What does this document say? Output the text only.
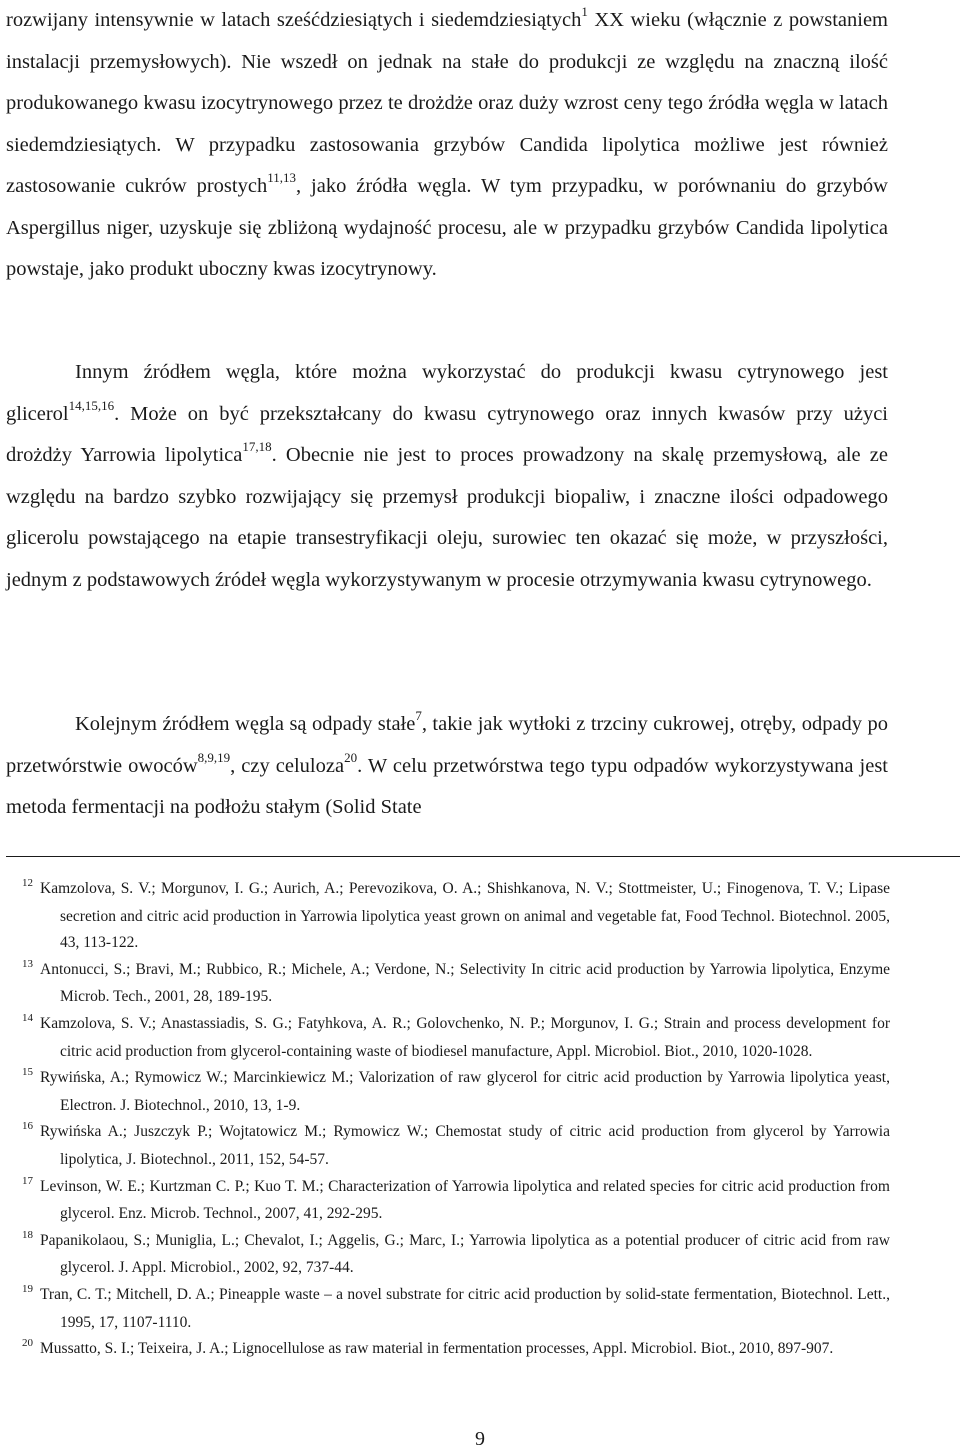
rozwijany intensywnie w latach sześćdziesiątych i siedemdziesiątych$^1$ XX wieku (włącznie z powstaniem instalacji przemysłowych). Nie wszedł on jednak na stałe do produkcji ze względu na znaczną ilość produkowanego kwasu izocytrynowego przez te drożdże oraz duży wzrost ceny tego źródła węgla w latach siedemdziesiątych. W przypadku zastosowania grzybów Candida lipolytica możliwe jest również zastosowanie cukrów prostych$^{11,13}$, jako źródła węgla. W tym przypadku, w porównaniu do grzybów Aspergillus niger, uzyskuje się zbliżoną wydajność procesu, ale w przypadku grzybów Candida lipolytica powstaje, jako produkt uboczny kwas izocytrynowy.

Innym źródłem węgla, które można wykorzystać do produkcji kwasu cytrynowego jest glicerol$^{14,15,16}$. Może on być przekształcany do kwasu cytrynowego oraz innych kwasów przy użyci drożdży Yarrowia lipolytica$^{17,18}$. Obecnie nie jest to proces prowadzony na skalę przemysłową, ale ze względu na bardzo szybko rozwijający się przemysł produkcji biopaliw, i znaczne ilości odpadowego glicerolu powstającego na etapie transestryfikacji oleju, surowiec ten okazać się może, w przyszłości, jednym z podstawowych źródeł węgla wykorzystywanym w procesie otrzymywania kwasu cytrynowego.

Kolejnym źródłem węgla są odpady stałe$^7$, takie jak wytłoki z trzciny cukrowej, otręby, odpady po przetwórstwie owoców$^{8,9,19}$, czy celuloza$^{20}$. W celu przetwórstwa tego typu odpadów wykorzystywana jest metoda fermentacji na podłożu stałym (Solid State

12 Kamzolova, S. V.; Morgunov, I. G.; Aurich, A.; Perevozikova, O. A.; Shishkanova, N. V.; Stottmeister, U.; Finogenova, T. V.; Lipase secretion and citric acid production in Yarrowia lipolytica yeast grown on animal and vegetable fat, Food Technol. Biotechnol. 2005, 43, 113-122.
13 Antonucci, S.; Bravi, M.; Rubbico, R.; Michele, A.; Verdone, N.; Selectivity In citric acid production by Yarrowia lipolytica, Enzyme Microb. Tech., 2001, 28, 189-195.
14 Kamzolova, S. V.; Anastassiadis, S. G.; Fatyhkova, A. R.; Golovchenko, N. P.; Morgunov, I. G.; Strain and process development for citric acid production from glycerol-containing waste of biodiesel manufacture, Appl. Microbiol. Biot., 2010, 1020-1028.
15 Rywińska, A.; Rymowicz W.; Marcinkiewicz M.; Valorization of raw glycerol for citric acid production by Yarrowia lipolytica yeast, Electron. J. Biotechnol., 2010, 13, 1-9.
16 Rywińska A.; Juszczyk P.; Wojtatowicz M.; Rymowicz W.; Chemostat study of citric acid production from glycerol by Yarrowia lipolytica, J. Biotechnol., 2011, 152, 54-57.
17 Levinson, W. E.; Kurtzman C. P.; Kuo T. M.; Characterization of Yarrowia lipolytica and related species for citric acid production from glycerol. Enz. Microb. Technol., 2007, 41, 292-295.
18 Papanikolaou, S.; Muniglia, L.; Chevalot, I.; Aggelis, G.; Marc, I.; Yarrowia lipolytica as a potential producer of citric acid from raw glycerol. J. Appl. Microbiol., 2002, 92, 737-44.
19 Tran, C. T.; Mitchell, D. A.; Pineapple waste – a novel substrate for citric acid production by solid-state fermentation, Biotechnol. Lett., 1995, 17, 1107-1110.
20 Mussatto, S. I.; Teixeira, J. A.; Lignocellulose as raw material in fermentation processes, Appl. Microbiol. Biot., 2010, 897-907.
9
